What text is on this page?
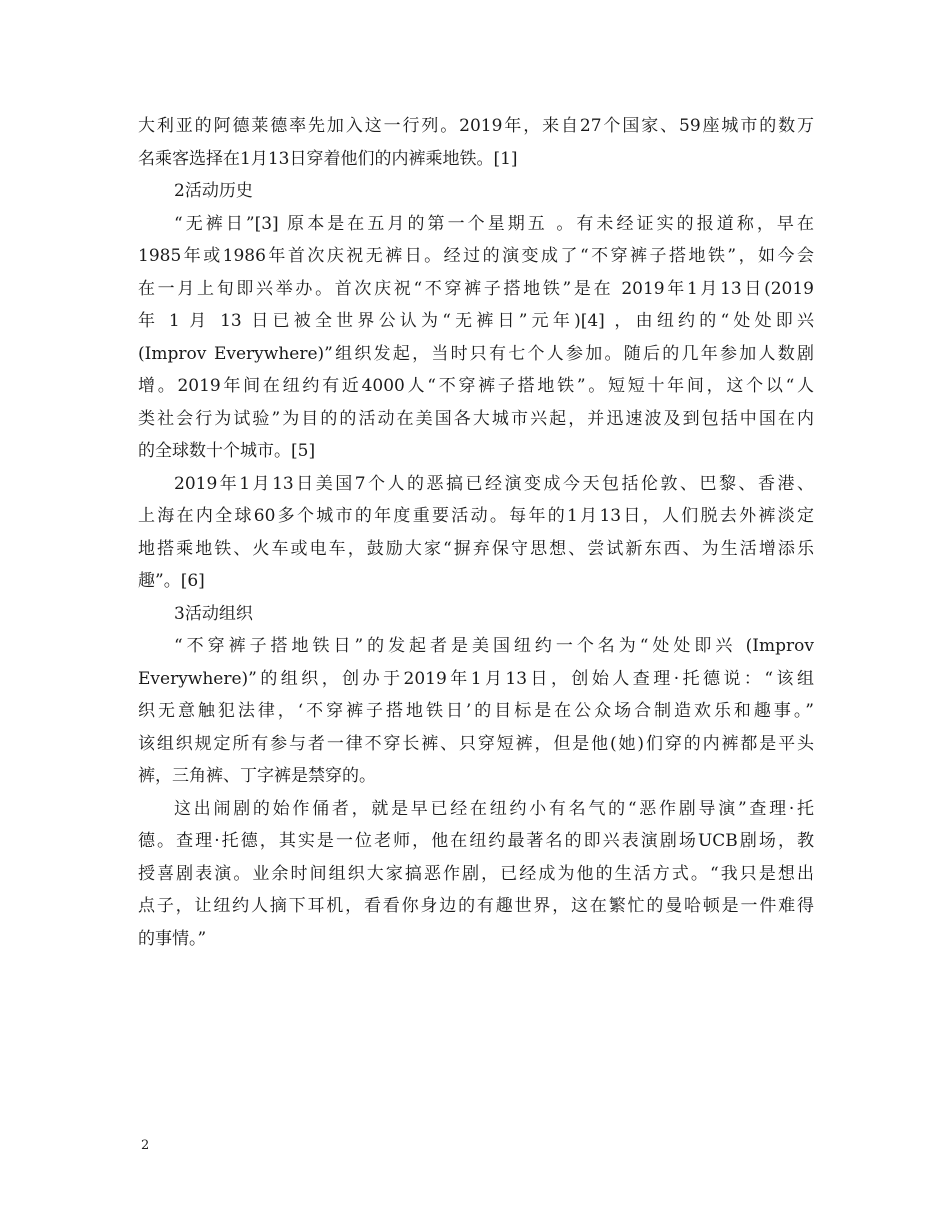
大利亚的阿德莱德率先加入这一行列。2019年，来自27个国家、59座城市的数万
名乘客选择在1月13日穿着他们的内裤乘地铁。[1]
2活动历史
“无裤日”[3] 原本是在五月的第一个星期五 。有未经证实的报道称，早在
1985年或1986年首次庆祝无裤日。经过的演变成了“不穿裤子搭地铁”，如今会
在一月上旬即兴举办。首次庆祝“不穿裤子搭地铁”是在 2019年1月13日(2019
年 1 月 13 日已被全世界公认为“无裤日”元年)[4] ，由纽约的“处处即兴
(Improv Everywhere)”组织发起，当时只有七个人参加。随后的几年参加人数剧
增。2019年间在纽约有近4000人“不穿裤子搭地铁”。短短十年间，这个以“人
类社会行为试验”为目的的活动在美国各大城市兴起，并迅速波及到包括中国在内
的全球数十个城市。[5]
2019年1月13日美国7个人的恶搞已经演变成今天包括伦敦、巴黎、香港、
上海在内全球60多个城市的年度重要活动。每年的1月13日，人们脱去外裤淡定
地搭乘地铁、火车或电车，鼓励大家“摒弃保守思想、尝试新东西、为生活增添乐
趣”。[6]
3活动组织
“不穿裤子搭地铁日”的发起者是美国纽约一个名为“处处即兴 (Improv
Everywhere)”的组织，创办于2019年1月13日，创始人查理·托德说：“该组
织无意触犯法律，‘不穿裤子搭地铁日’的目标是在公众场合制造欢乐和趣事。”
该组织规定所有参与者一律不穿长裤、只穿短裤，但是他(她)们穿的内裤都是平头
裤，三角裤、丁字裤是禁穿的。
这出闹剧的始作俑者，就是早已经在纽约小有名气的“恶作剧导演”查理·托
德。查理·托德，其实是一位老师，他在纽约最著名的即兴表演剧场UCB剧场，教
授喜剧表演。业余时间组织大家搞恶作剧，已经成为他的生活方式。“我只是想出
点子，让纽约人摘下耳机，看看你身边的有趣世界，这在繁忙的曼哈顿是一件难得
的事情。”
2
